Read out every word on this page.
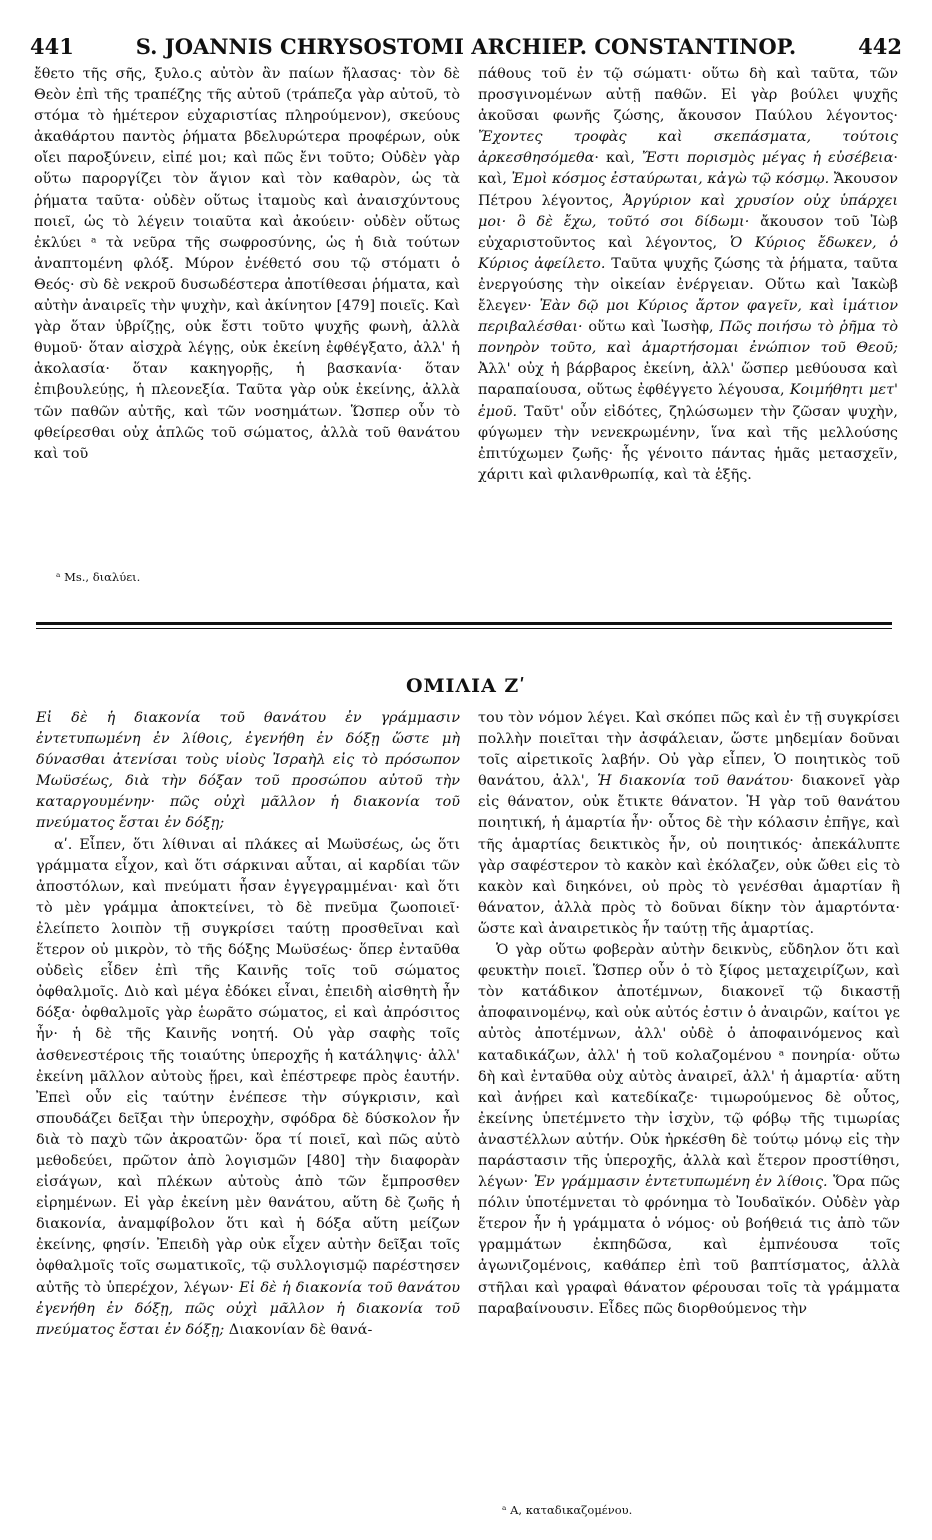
441	S. JOANNIS CHRYSOSTOMI ARCHIEP. CONSTANTINOP.	442

ἔθετο τῆς σῆς, ξυλο.ς αὐτὸν ἂν παίων ἤλασας· τὸν δὲ Θεὸν ἐπὶ τῆς τραπέζης τῆς αὐτοῦ (τράπεζα γὰρ αὐτοῦ, τὸ στόμα τὸ ἡμέτερον εὐχαριστίας πληρούμενον), σκεύους ἀκαθάρτου παντὸς ῥήματα βδελυρώτερα προφέρων, οὐκ οἴει παροξύνειν, εἰπέ μοι; καὶ πῶς ἔνι τοῦτο; Οὐδὲν γὰρ οὕτω παροργίζει τὸν ἅγιον καὶ τὸν καθαρὸν, ὡς τὰ ῥήματα ταῦτα· οὐδὲν οὕτως ἰταμοὺς καὶ ἀναισχύντους ποιεῖ, ὡς τὸ λέγειν τοιαῦτα καὶ ἀκούειν· οὐδὲν οὕτως ἐκλύει ᵃ τὰ νεῦρα τῆς σωφροσύνης, ὡς ἡ διὰ τούτων ἀναπτομένη φλόξ. Μύρον ἐνέθετό σου τῷ στόματι ὁ Θεός· σὺ δὲ νεκροῦ δυσωδέστερα ἀποτίθεσαι ῥήματα, καὶ αὐτὴν ἀναιρεῖς τὴν ψυχὴν, καὶ ἀκίνητον [479] ποιεῖς. Καὶ γὰρ ὅταν ὑβρίζῃς, οὐκ ἔστι τοῦτο ψυχῆς φωνὴ, ἀλλὰ θυμοῦ· ὅταν αἰσχρὰ λέγῃς, οὐκ ἐκείνη ἐφθέγξατο, ἀλλ' ἡ ἀκολασία· ὅταν κακηγορῇς, ἡ βασκανία· ὅταν ἐπιβουλεύῃς, ἡ πλεονεξία. Ταῦτα γὰρ οὐκ ἐκείνης, ἀλλὰ τῶν παθῶν αὐτῆς, καὶ τῶν νοσημάτων. Ὥσπερ οὖν τὸ φθείρεσθαι οὐχ ἁπλῶς τοῦ σώματος, ἀλλὰ τοῦ θανάτου καὶ τοῦ

ᵃ Ms., διαλύει.

πάθους τοῦ ἐν τῷ σώματι· οὕτω δὴ καὶ ταῦτα, τῶν προσγινομένων αὐτῇ παθῶν. Εἰ γὰρ βούλει ψυχῆς ἀκοῦσαι φωνῆς ζώσης, ἄκουσον Παύλου λέγοντος· Ἔχοντες τροφὰς καὶ σκεπάσματα, τούτοις ἀρκεσθησόμεθα· καὶ, Ἔστι πορισμὸς μέγας ἡ εὐσέβεια· καὶ, Ἐμοὶ κόσμος ἐσταύρωται, κἀγὼ τῷ κόσμῳ. Ἄκουσον Πέτρου λέγοντος, Ἀργύριον καὶ χρυσίον οὐχ ὑπάρχει μοι· ὃ δὲ ἔχω, τοῦτό σοι δίδωμι· ἄκουσον τοῦ Ἰὼβ εὐχαριστοῦντος καὶ λέγοντος, Ὁ Κύριος ἔδωκεν, ὁ Κύριος ἀφείλετο. Ταῦτα ψυχῆς ζώσης τὰ ῥήματα, ταῦτα ἐνεργούσης τὴν οἰκείαν ἐνέργειαν. Οὕτω καὶ Ἰακὼβ ἔλεγεν· Ἐὰν δῷ μοι Κύριος ἄρτον φαγεῖν, καὶ ἱμάτιον περιβαλέσθαι· οὕτω καὶ Ἰωσὴφ, Πῶς ποιήσω τὸ ῥῆμα τὸ πονηρὸν τοῦτο, καὶ ἁμαρτήσομαι ἐνώπιον τοῦ Θεοῦ; Ἀλλ' οὐχ ἡ βάρβαρος ἐκείνη, ἀλλ' ὥσπερ μεθύουσα καὶ παραπαίουσα, οὕτως ἐφθέγγετο λέγουσα, Κοιμήθητι μετ' ἐμοῦ. Ταῦτ' οὖν εἰδότες, ζηλώσωμεν τὴν ζῶσαν ψυχὴν, φύγωμεν τὴν νενεκρωμένην, ἵνα καὶ τῆς μελλούσης ἐπιτύχωμεν ζωῆς· ἧς γένοιτο πάντας ἡμᾶς μετασχεῖν, χάριτι καὶ φιλανθρωπίᾳ, καὶ τὰ ἑξῆς.

ΟΜΙΛΙΑ Ζʹ

Εἰ δὲ ἡ διακονία τοῦ θανάτου ἐν γράμμασιν ἐντετυπωμένη ἐν λίθοις, ἐγενήθη ἐν δόξῃ ὥστε μὴ δύνασθαι ἀτενίσαι τοὺς υἱοὺς Ἰσραὴλ εἰς τὸ πρόσωπον Μωϋσέως, διὰ τὴν δόξαν τοῦ προσώπου αὐτοῦ τὴν καταργουμένην· πῶς οὐχὶ μᾶλλον ἡ διακονία τοῦ πνεύματος ἔσται ἐν δόξῃ;

αʹ. Εἶπεν, ὅτι λίθιναι αἱ πλάκες αἱ Μωϋσέως, ὡς ὅτι γράμματα εἶχον, καὶ ὅτι σάρκιναι αὗται, αἱ καρδίαι τῶν ἀποστόλων, καὶ πνεύματι ἦσαν ἐγγεγραμμέναι· καὶ ὅτι τὸ μὲν γράμμα ἀποκτείνει, τὸ δὲ πνεῦμα ζωοποιεῖ· ἐλείπετο λοιπὸν τῇ συγκρίσει ταύτῃ προσθεῖναι καὶ ἕτερον οὐ μικρὸν, τὸ τῆς δόξης Μωϋσέως· ὅπερ ἐνταῦθα οὐδεὶς εἶδεν ἐπὶ τῆς Καινῆς τοῖς τοῦ σώματος ὀφθαλμοῖς. Διὸ καὶ μέγα ἐδόκει εἶναι, ἐπειδὴ αἰσθητὴ ἦν δόξα· ὀφθαλμοῖς γὰρ ἑωρᾶτο σώματος, εἰ καὶ ἀπρόσιτος ἦν· ἡ δὲ τῆς Καινῆς νοητή. Οὐ γὰρ σαφὴς τοῖς ἀσθενεστέροις τῆς τοιαύτης ὑπεροχῆς ἡ κατάληψις· ἀλλ' ἐκείνη μᾶλλον αὐτοὺς ᾕρει, καὶ ἐπέστρεφε πρὸς ἑαυτήν. Ἐπεὶ οὖν εἰς ταύτην ἐνέπεσε τὴν σύγκρισιν, καὶ σπουδάζει δεῖξαι τὴν ὑπεροχὴν, σφόδρα δὲ δύσκολον ἦν διὰ τὸ παχὺ τῶν ἀκροατῶν· ὅρα τί ποιεῖ, καὶ πῶς αὐτὸ μεθοδεύει, πρῶτον ἀπὸ λογισμῶν [480] τὴν διαφορὰν εἰσάγων, καὶ πλέκων αὐτοὺς ἀπὸ τῶν ἔμπροσθεν εἰρημένων. Εἰ γὰρ ἐκείνη μὲν θανάτου, αὕτη δὲ ζωῆς ἡ διακονία, ἀναμφίβολον ὅτι καὶ ἡ δόξα αὕτη μείζων ἐκείνης, φησίν. Ἐπειδὴ γὰρ οὐκ εἶχεν αὐτὴν δεῖξαι τοῖς ὀφθαλμοῖς τοῖς σωματικοῖς, τῷ συλλογισμῷ παρέστησεν αὐτῆς τὸ ὑπερέχον, λέγων· Εἰ δὲ ἡ διακονία τοῦ θανάτου ἐγενήθη ἐν δόξῃ, πῶς οὐχὶ μᾶλλον ἡ διακονία τοῦ πνεύματος ἔσται ἐν δόξῃ; Διακονίαν δὲ θανά-

του τὸν νόμον λέγει. Καὶ σκόπει πῶς καὶ ἐν τῇ συγκρίσει πολλὴν ποιεῖται τὴν ἀσφάλειαν, ὥστε μηδεμίαν δοῦναι τοῖς αἱρετικοῖς λαβήν. Οὐ γὰρ εἶπεν, Ὁ ποιητικὸς τοῦ θανάτου, ἀλλ', Ἡ διακονία τοῦ θανάτου· διακονεῖ γὰρ εἰς θάνατον, οὐκ ἔτικτε θάνατον. Ἡ γὰρ τοῦ θανάτου ποιητική, ἡ ἁμαρτία ἦν· οὗτος δὲ τὴν κόλασιν ἐπῆγε, καὶ τῆς ἁμαρτίας δεικτικὸς ἦν, οὐ ποιητικός· ἀπεκάλυπτε γὰρ σαφέστερον τὸ κακὸν καὶ ἐκόλαζεν, οὐκ ὤθει εἰς τὸ κακὸν καὶ διηκόνει, οὐ πρὸς τὸ γενέσθαι ἁμαρτίαν ἢ θάνατον, ἀλλὰ πρὸς τὸ δοῦναι δίκην τὸν ἁμαρτόντα· ὥστε καὶ ἀναιρετικὸς ἦν ταύτῃ τῆς ἁμαρτίας.

Ὁ γὰρ οὕτω φοβερὰν αὐτὴν δεικνὺς, εὔδηλον ὅτι καὶ φευκτὴν ποιεῖ. Ὥσπερ οὖν ὁ τὸ ξίφος μεταχειρίζων, καὶ τὸν κατάδικον ἀποτέμνων, διακονεῖ τῷ δικαστῇ ἀποφαινομένῳ, καὶ οὐκ αὐτός ἐστιν ὁ ἀναιρῶν, καίτοι γε αὐτὸς ἀποτέμνων, ἀλλ' οὐδὲ ὁ ἀποφαινόμενος καὶ καταδικάζων, ἀλλ' ἡ τοῦ κολαζομένου ᵃ πονηρία· οὕτω δὴ καὶ ἐνταῦθα οὐχ αὐτὸς ἀναιρεῖ, ἀλλ' ἡ ἁμαρτία· αὕτη καὶ ἀνῄρει καὶ κατεδίκαζε· τιμωρούμενος δὲ οὗτος, ἐκείνης ὑπετέμνετο τὴν ἰσχὺν, τῷ φόβῳ τῆς τιμωρίας ἀναστέλλων αὐτήν. Οὐκ ἠρκέσθη δὲ τούτῳ μόνῳ εἰς τὴν παράστασιν τῆς ὑπεροχῆς, ἀλλὰ καὶ ἕτερον προστίθησι, λέγων· Ἐν γράμμασιν ἐντετυπωμένη ἐν λίθοις. Ὅρα πῶς πόλιν ὑποτέμνεται τὸ φρόνημα τὸ Ἰουδαϊκόν. Οὐδὲν γὰρ ἕτερον ἦν ἡ γράμματα ὁ νόμος· οὐ βοήθειά τις ἀπὸ τῶν γραμμάτων ἐκπηδῶσα, καὶ ἐμπνέουσα τοῖς ἀγωνιζομένοις, καθάπερ ἐπὶ τοῦ βαπτίσματος, ἀλλὰ στῆλαι καὶ γραφαὶ θάνατον φέρουσαι τοῖς τὰ γράμματα παραβαίνουσιν. Εἶδες πῶς διορθούμενος τὴν

ᵃ Α, καταδικαζομένου.
